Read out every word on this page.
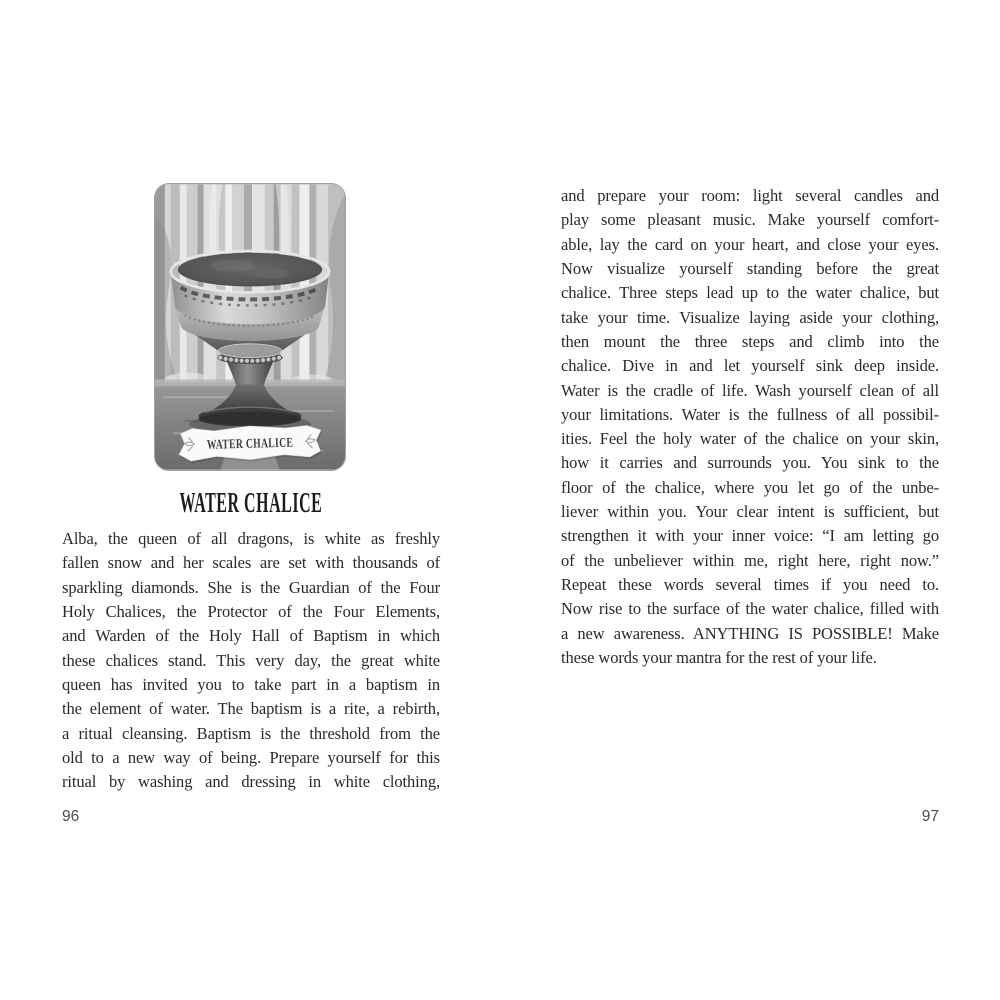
WATER CHALICE
WATER CHALICE
Alba, the queen of all dragons, is white as freshly
fallen snow and her scales are set with thousands of
sparkling diamonds. She is the Guardian of the Four
Holy Chalices, the Protector of the Four Elements,
and Warden of the Holy Hall of Baptism in which
these chalices stand. This very day, the great white
queen has invited you to take part in a baptism in
the element of water. The baptism is a rite, a rebirth,
a ritual cleansing. Baptism is the threshold from the
old to a new way of being. Prepare yourself for this
ritual by washing and dressing in white clothing,
96
and prepare your room: light several candles and
play some pleasant music. Make yourself comfort-
able, lay the card on your heart, and close your eyes.
Now visualize yourself standing before the great
chalice. Three steps lead up to the water chalice, but
take your time. Visualize laying aside your clothing,
then mount the three steps and climb into the
chalice. Dive in and let yourself sink deep inside.
Water is the cradle of life. Wash yourself clean of all
your limitations. Water is the fullness of all possibil-
ities. Feel the holy water of the chalice on your skin,
how it carries and surrounds you. You sink to the
floor of the chalice, where you let go of the unbe-
liever within you. Your clear intent is sufficient, but
strengthen it with your inner voice: “I am letting go
of the unbeliever within me, right here, right now.”
Repeat these words several times if you need to.
Now rise to the surface of the water chalice, filled with
a new awareness. ANYTHING IS POSSIBLE! Make
these words your mantra for the rest of your life.
97
